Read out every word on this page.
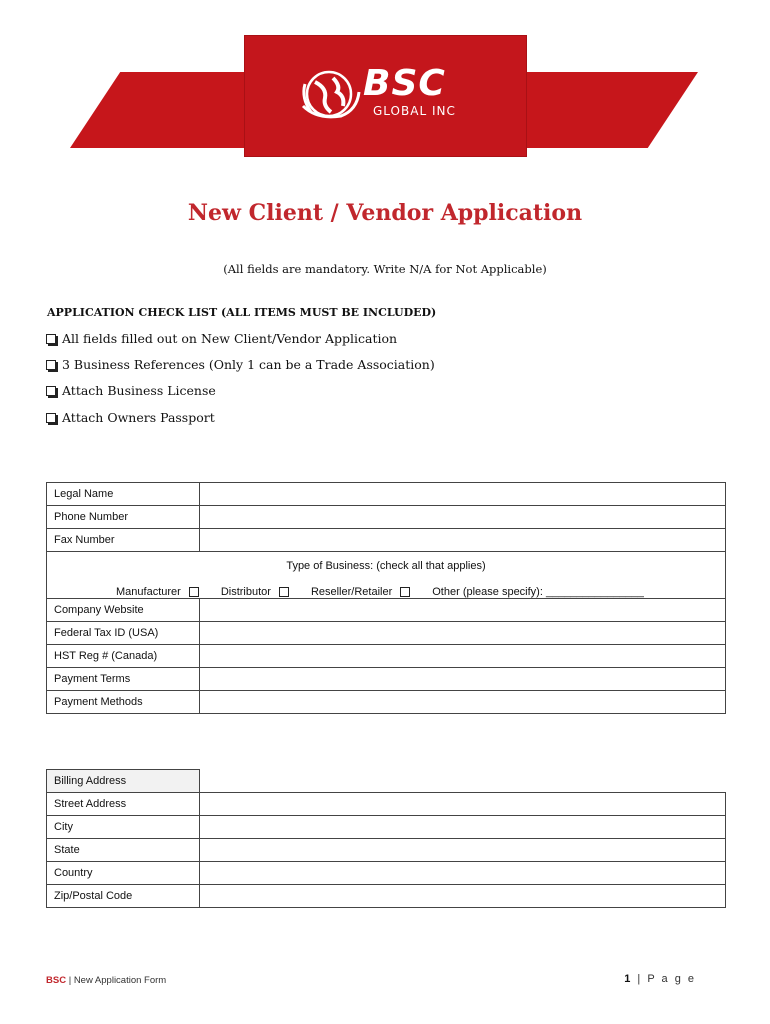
BSC
GLOBAL INC
New Client / Vendor Application
(All fields are mandatory. Write N/A for Not Applicable)
APPLICATION CHECK LIST (ALL ITEMS MUST BE INCLUDED)
All fields filled out on New Client/Vendor Application
3 Business References (Only 1 can be a Trade Association)
Attach Business License
Attach Owners Passport
Legal Name	
Phone Number	
Fax Number	

Type of Business: (check all that applies)
Manufacturer Distributor Reseller/Retailer Other (please specify): ________________	

Company Website	
Federal Tax ID (USA)	
HST Reg # (Canada)	
Payment Terms	
Payment Methods	
Billing Address	
Street Address	
City	
State	
Country	
Zip/Postal Code	
BSC | New Application Form	1 | P a g e
